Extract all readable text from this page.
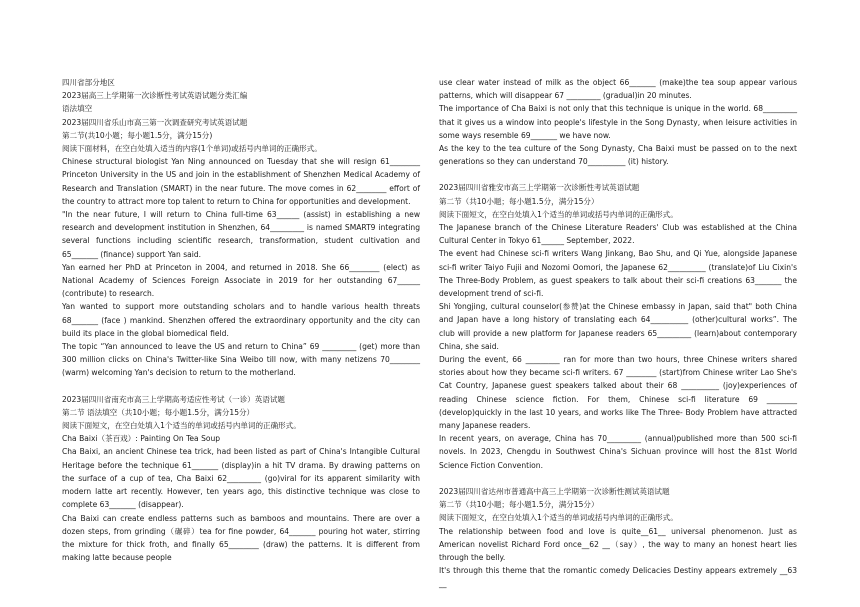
四川省部分地区

2023届高三上学期第一次诊断性考试英语试题分类汇编

语法填空

2023届四川省乐山市高三第一次调查研究考试英语试题

第二节(共10小题；每小题1.5分，满分15分)

阅读下面材料，在空白处填入适当的内容(1个单词)或括号内单词的正确形式。

Chinese structural biologist Yan Ning announced on Tuesday that she will resign 61________ Princeton University in the US and join in the establishment of Shenzhen Medical Academy of Research and Translation (SMART) in the near future. The move comes in 62________ effort of the country to attract more top talent to return to China for opportunities and development.

"In the near future, I will return to China full-time 63______ (assist) in establishing a new research and development institution in Shenzhen, 64_________ is named SMART9 integrating several functions including scientific research, transformation, student cultivation and 65_______ (finance) support Yan said.

Yan earned her PhD at Princeton in 2004, and returned in 2018. She 66________ (elect) as National Academy of Sciences Foreign Associate in 2019 for her outstanding 67______ (contribute) to research.

Yan wanted to support more outstanding scholars and to handle various health threats 68_______ (face ) mankind. Shenzhen offered the extraordinary opportunity and the city can build its place in the global biomedical field.

The topic “Yan announced to leave the US and return to China” 69 _________ (get) more than 300 million clicks on China's Twitter-like Sina Weibo till now, with many netizens 70________ (warm) welcoming Yan's decision to return to the motherland.

2023届四川省南充市高三上学期高考适应性考试（一诊）英语试题

第二节 语法填空（共10小题；每小题1.5分，满分15分）

阅读下面短文，在空白处填入1个适当的单词或括号内单词的正确形式。

Cha Baixi（茶百戏）: Painting On Tea Soup

Cha Baixi, an ancient Chinese tea trick, had been listed as part of China's Intangible Cultural Heritage before the technique 61_______ (display)in a hit TV drama. By drawing patterns on the surface of a cup of tea, Cha Baixi 62_________ (go)viral for its apparent similarity with modern latte art recently. However, ten years ago, this distinctive technique was close to complete 63_______ (disappear).

Cha Baixi can create endless patterns such as bamboos and mountains. There are over a dozen steps, from grinding（碾碎）tea for fine powder, 64_______ pouring hot water, stirring the mixture for thick froth, and finally 65________ (draw) the patterns. It is different from making latte because people

use clear water instead of milk as the object 66_______ (make)the tea soup appear various patterns, which will disappear 67 _________ (gradual)in 20 minutes.

The importance of Cha Baixi is not only that this technique is unique in the world. 68_________ that it gives us a window into people's lifestyle in the Song Dynasty, when leisure activities in some ways resemble 69_______ we have now.

As the key to the tea culture of the Song Dynasty, Cha Baixi must be passed on to the next generations so they can understand 70__________ (it) history.

2023届四川省雅安市高三上学期第一次诊断性考试英语试题

第二节（共10小题；每小题1.5分，满分15分）

阅读下面短文，在空白处填入1个适当的单词或括号内单词的正确形式。

The Japanese branch of the Chinese Literature Readers' Club was established at the China Cultural Center in Tokyo 61______ September, 2022.

The event had Chinese sci-fi writers Wang Jinkang, Bao Shu, and Qi Yue, alongside Japanese sci-fi writer Taiyo Fujii and Nozomi Oomori, the Japanese 62__________ (translate)of Liu Cixin's The Three-Body Problem, as guest speakers to talk about their sci-fi creations 63_______ the development trend of sci-fi.

Shi Yongjing, cultural counselor(参赞)at the Chinese embassy in Japan, said that" both China and Japan have a long history of translating each 64__________ (other)cultural works”. The club will provide a new platform for Japanese readers 65_________ (learn)about contemporary China, she said.

During the event, 66 _________ ran for more than two hours, three Chinese writers shared stories about how they became sci-fi writers. 67 ________ (start)from Chinese writer Lao She's Cat Country, Japanese guest speakers talked about their 68 __________ (joy)experiences of reading Chinese science fiction. For them, Chinese sci-fi literature 69 ________ (develop)quickly in the last 10 years, and works like The Three- Body Problem have attracted many Japanese readers.

In recent years, on average, China has 70_________ (annual)published more than 500 sci-fi novels. In 2023, Chengdu in Southwest China's Sichuan province will host the 81st World Science Fiction Convention.

2023届四川省达州市普通高中高三上学期第一次诊断性测试英语试题

第二节（共10小题；每小题1.5分，满分15分）

阅读下面短文，在空白处填入1个适当的单词或括号内单词的正确形式。

The relationship between food and love is quite__61__ universal phenomenon. Just as American novelist Richard Ford once__62 __（say）, the way to many an honest heart lies through the belly.

It's through this theme that the romantic comedy Delicacies Destiny appears extremely __63 __
